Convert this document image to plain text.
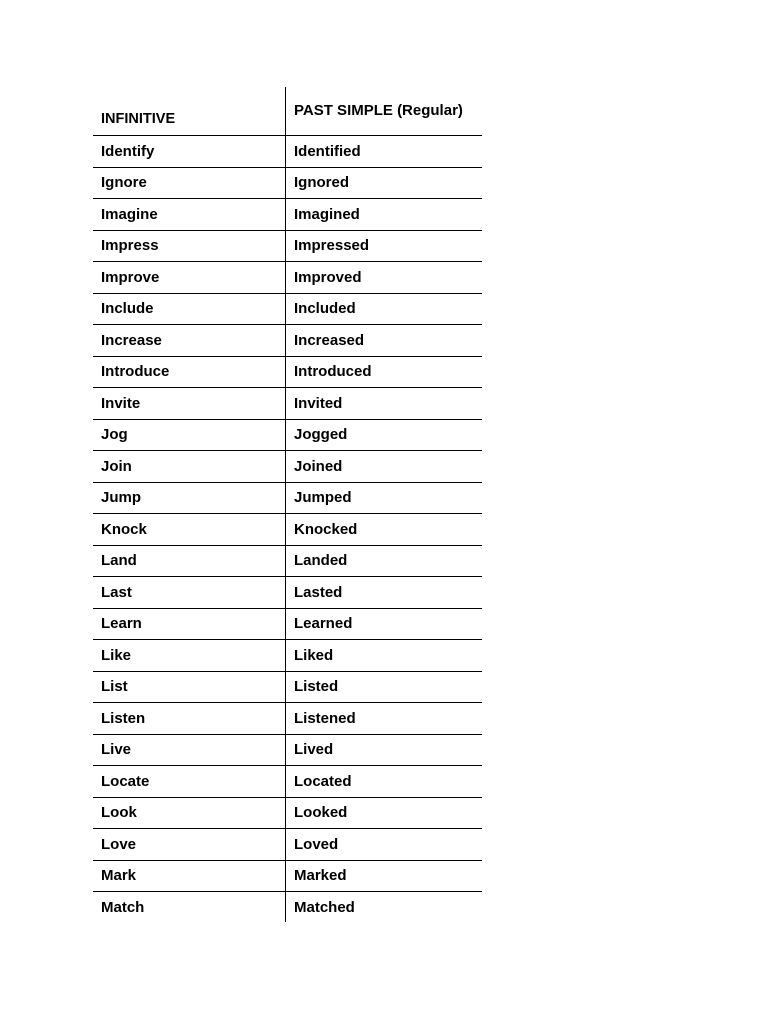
INFINITIVE	PAST SIMPLE (Regular)
Identify	Identified
Ignore	Ignored
Imagine	Imagined
Impress	Impressed
Improve	Improved
Include	Included
Increase	Increased
Introduce	Introduced
Invite	Invited
Jog	Jogged
Join	Joined
Jump	Jumped
Knock	Knocked
Land	Landed
Last	Lasted
Learn	Learned
Like	Liked
List	Listed
Listen	Listened
Live	Lived
Locate	Located
Look	Looked
Love	Loved
Mark	Marked
Match	Matched
